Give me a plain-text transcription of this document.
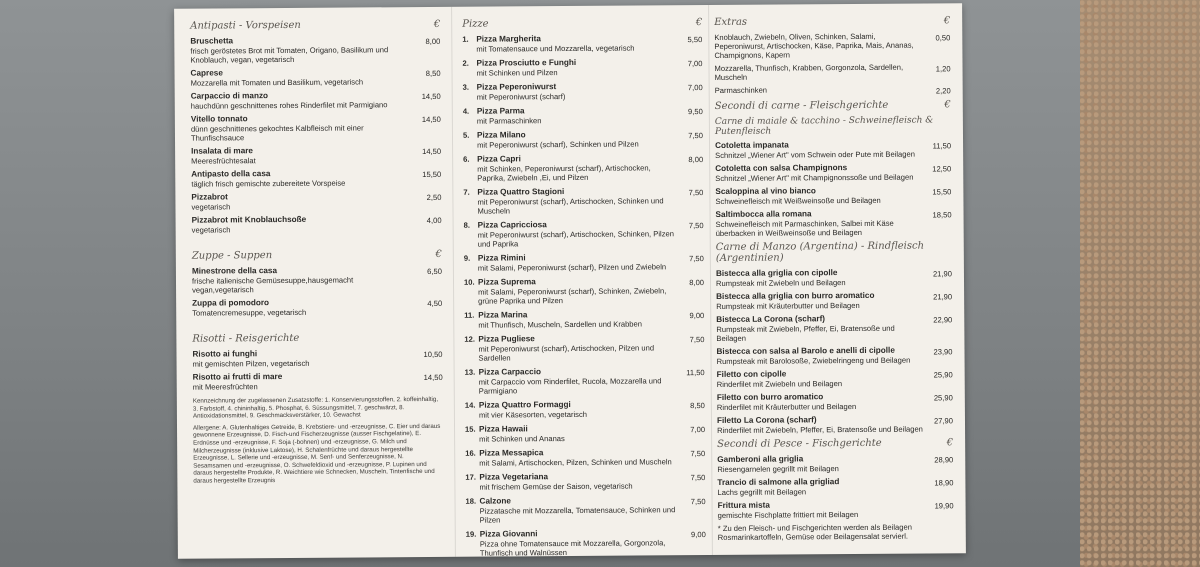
Antipasti - Vorspeisen	€
Bruschetta
frisch geröstetes Brot mit Tomaten, Origano, Basilikum und Knoblauch, vegan, vegetarisch
8,00
Caprese
Mozzarella mit Tomaten und Basilikum, vegetarisch
8,50
Carpaccio di manzo
hauchdünn geschnittenes rohes Rinderfilet mit Parmigiano
14,50
Vitello tonnato
dünn geschnittenes gekochtes Kalbfleisch mit einer Thunfischsauce
14,50
Insalata di mare
Meeresfrüchtesalat
14,50
Antipasto della casa
täglich frisch gemischte zubereitete Vorspeise
15,50
Pizzabrot
vegetarisch
2,50
Pizzabrot mit Knoblauchsoße
vegetarisch
4,00
Zuppe - Suppen	€
Minestrone della casa
frische italienische Gemüsesuppe,hausgemacht vegan,vegetarisch
6,50
Zuppa di pomodoro
Tomatencremesuppe, vegetarisch
4,50
Risotti - Reisgerichte
Risotto ai funghi
mit gemischten Pilzen, vegetarisch
10,50
Risotto ai frutti di mare
mit Meeresfrüchten
14,50

Kennzeichnung der zugelassenen Zusatzstoffe: 1. Konservierungsstoffen, 2. koffeinhaltig, 3. Farbstoff, 4. chininhaltig, 5. Phosphat, 6. Süssungsmittel, 7. geschwärzt, 8. Antioxidationsmittel, 9. Geschmacksverstärker, 10. Gewachst

Allergene: A. Glutenhaltiges Getreide, B. Krebstiere- und -erzeugnisse, C. Eier und daraus gewonnene Erzeugnisse, D. Fisch-und Fischerzeugnisse (ausser Fischgelatine), E. Erdnüsse und -erzeugnisse, F. Soja (-bohnen) und -erzeugnisse, G. Milch und Milcherzeugnisse (inklusive Laktose), H. Schalenfrüchte und daraus hergestellte Erzeugnisse, L. Sellerie und -erzeugnisse, M. Senf- und Senferzeugnisse, N. Sesamsamen und -erzeugnisse, O. Schwefeldioxid und -erzeugnisse, P. Lupinen und daraus hergestellte Produkte, R. Weichtiere wie Schnecken, Muscheln, Tintenfische und daraus hergestellte Erzeugnis

Pizze	€
1. Pizza Margherita
mit Tomatensauce und Mozzarella, vegetarisch
5,50
2. Pizza Prosciutto e Funghi
mit Schinken und Pilzen
7,00
3. Pizza Peperoniwurst
mit Peperoniwurst (scharf)
7,00
4. Pizza Parma
mit Parmaschinken
9,50
5. Pizza Milano
mit Peperoniwurst (scharf), Schinken und Pilzen
7,50
6. Pizza Capri
mit Schinken, Peperoniwurst (scharf), Artischocken, Paprika, Zwiebeln ,Ei, und Pilzen
8,00
7. Pizza Quattro Stagioni
mit Peperoniwurst (scharf), Artischocken, Schinken und Muscheln
7,50
8. Pizza Capricciosa
mit Peperoniwurst (scharf), Artischocken, Schinken, Pilzen und Paprika
7,50
9. Pizza Rimini
mit Salami, Peperoniwurst (scharf), Pilzen und Zwiebeln
7,50
10. Pizza Suprema
mit Salami, Peperoniwurst (scharf), Schinken, Zwiebeln, grüne Paprika und Pilzen
8,00
11. Pizza Marina
mit Thunfisch, Muscheln, Sardellen und Krabben
9,00
12. Pizza Pugliese
mit Peperoniwurst (scharf), Artischocken, Pilzen und Sardellen
7,50
13. Pizza Carpaccio
mit Carpaccio vom Rinderfilet, Rucola, Mozzarella und Parmigiano
11,50
14. Pizza Quattro Formaggi
mit vier Käsesorten, vegetarisch
8,50
15. Pizza Hawaii
mit Schinken und Ananas
7,00
16. Pizza Messapica
mit Salami, Artischocken, Pilzen, Schinken und Muscheln
7,50
17. Pizza Vegetariana
mit frischem Gemüse der Saison, vegetarisch
7,50
18. Calzone
Pizzatasche mit Mozzarella, Tomatensauce, Schinken und Pilzen
7,50
19. Pizza Giovanni
Pizza ohne Tomatensauce mit Mozzarella, Gorgonzola, Thunfisch und Walnüssen
9,00
Extras	€
Knoblauch, Zwiebeln, Oliven, Schinken, Salami, Peperoniwurst, Artischocken, Käse, Paprika, Mais, Ananas, Champignons, Kapern
0,50
Mozzarella, Thunfisch, Krabben, Gorgonzola, Sardellen, Muscheln
1,20
Parmaschinken	2,20
Secondi di carne - Fleischgerichte	€
Carne di maiale & tacchino - Schweinefleisch & Putenfleisch
Cotoletta impanata
Schnitzel „Wiener Art" vom Schwein oder Pute mit Beilagen
11,50
Cotoletta con salsa Champignons
Schnitzel „Wiener Art" mit Champignonssoße und Beilagen
12,50
Scaloppina al vino bianco
Schweinefleisch mit Weißweinsoße und Beilagen
15,50
Saltimbocca alla romana
Schweinefleisch mit Parmaschinken, Salbei mit Käse überbacken in Weißweinsoße und Beilagen
18,50
Carne di Manzo (Argentina) - Rindfleisch (Argentinien)
Bistecca alla griglia con cipolle
Rumpsteak mit Zwiebeln und Beilagen
21,90
Bistecca alla griglia con burro aromatico
Rumpsteak mit Kräuterbutter und Beilagen
21,90
Bistecca La Corona (scharf)
Rumpsteak mit Zwiebeln, Pfeffer, Ei, Bratensoße und Beilagen
22,90
Bistecca con salsa al Barolo e anelli di cipolle
Rumpsteak mit Barolosoße, Zwiebelringeng und Beilagen
23,90
Filetto con cipolle
Rinderfilet mit Zwiebeln und Beilagen
25,90
Filetto con burro aromatico
Rinderfilet mit Kräuterbutter und Beilagen
25,90
Filetto La Corona (scharf)
Rinderfilet mit Zwiebeln, Pfeffer, Ei, Bratensoße und Beilagen
27,90
Secondi di Pesce - Fischgerichte	€
Gamberoni alla griglia
Riesengarnelen gegrillt mit Beilagen
28,90
Trancio di salmone alla grigliad
Lachs gegrillt mit Beilagen
18,90
Frittura mista
gemischte Fischplatte frittiert mit Beilagen
19,90
* Zu den Fleisch- und Fischgerichten werden als Beilagen Rosmarinkartoffeln, Gemüse oder Beilagensalat servierl.
